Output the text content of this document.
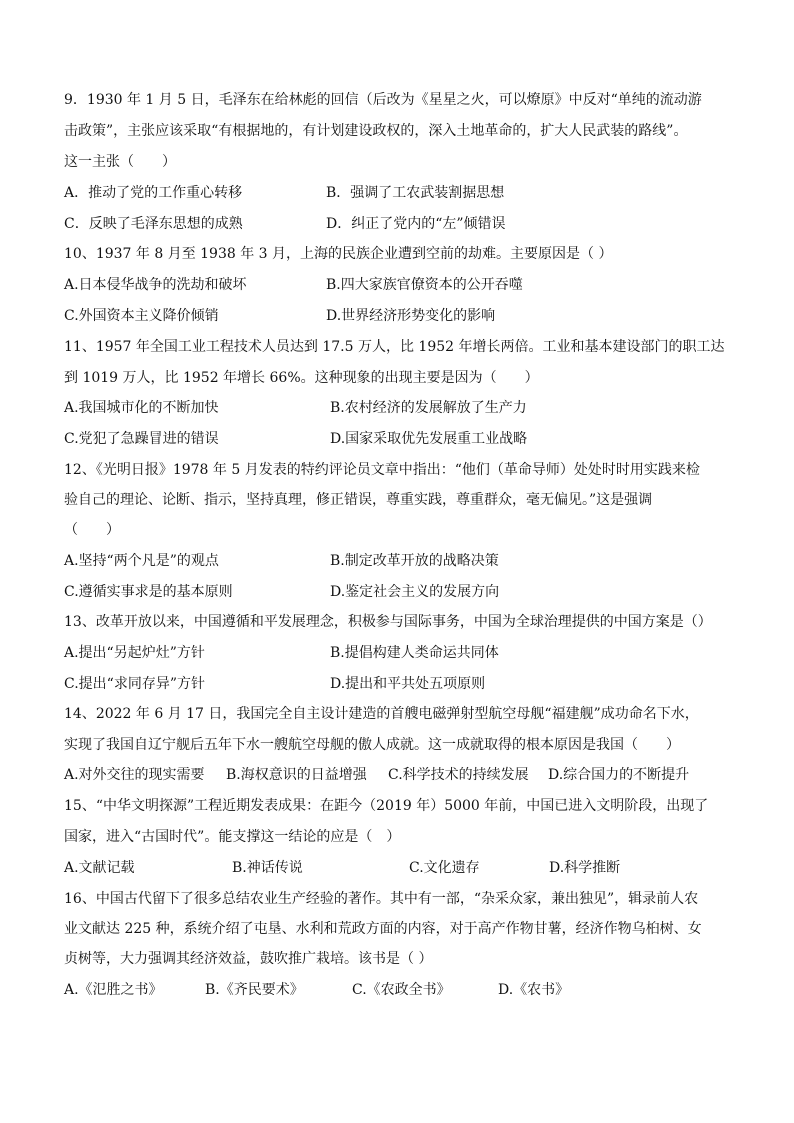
9．1930 年 1 月 5 日，毛泽东在给林彪的回信（后改为《星星之火，可以燎原》中反对“单纯的流动游
击政策”，主张应该采取“有根据地的，有计划建设政权的，深入土地革命的，扩大人民武装的路线”。
这一主张（　　）
A．推动了党的工作重心转移	B．强调了工农武装割据思想
C．反映了毛泽东思想的成熟	D．纠正了党内的“左”倾错误
10、1937 年 8 月至 1938 年 3 月，上海的民族企业遭到空前的劫难。主要原因是（ ）
A.日本侵华战争的洗劫和破坏	B.四大家族官僚资本的公开吞噬
C.外国资本主义降价倾销	D.世界经济形势变化的影响
11、1957 年全国工业工程技术人员达到 17.5 万人，比 1952 年增长两倍。工业和基本建设部门的职工达
到 1019 万人，比 1952 年增长 66%。这种现象的出现主要是因为（　　）
A.我国城市化的不断加快	B.农村经济的发展解放了生产力
C.党犯了急躁冒进的错误	D.国家采取优先发展重工业战略
12、《光明日报》1978 年 5 月发表的特约评论员文章中指出：“他们（革命导师）处处时时用实践来检
验自己的理论、论断、指示，坚持真理，修正错误，尊重实践，尊重群众，毫无偏见。”这是强调
（　　）
A.坚持“两个凡是”的观点	B.制定改革开放的战略决策
C.遵循实事求是的基本原则	D.鉴定社会主义的发展方向
13、改革开放以来，中国遵循和平发展理念，积极参与国际事务，中国为全球治理提供的中国方案是（）
A.提出“另起炉灶”方针	B.提倡构建人类命运共同体
C.提出“求同存异”方针	D.提出和平共处五项原则
14、2022 年 6 月 17 日，我国完全自主设计建造的首艘电磁弹射型航空母舰“福建舰”成功命名下水，
实现了我国自辽宁舰后五年下水一艘航空母舰的傲人成就。这一成就取得的根本原因是我国（　　）
A.对外交往的现实需要 B.海权意识的日益增强 C.科学技术的持续发展 D.综合国力的不断提升
15、“中华文明探源”工程近期发表成果：在距今（2019 年）5000 年前，中国已进入文明阶段，出现了
国家，进入“古国时代”。能支撑这一结论的应是（　）
A.文献记载	B.神话传说	C.文化遗存	D.科学推断
16、中国古代留下了很多总结农业生产经验的著作。其中有一部，“杂采众家，兼出独见”，辑录前人农
业文献达 225 种，系统介绍了屯垦、水利和荒政方面的内容，对于高产作物甘薯，经济作物乌桕树、女
贞树等，大力强调其经济效益，鼓吹推广栽培。该书是（ ）
A.《氾胜之书》	B.《齐民要术》	C.《农政全书》	D.《农书》
